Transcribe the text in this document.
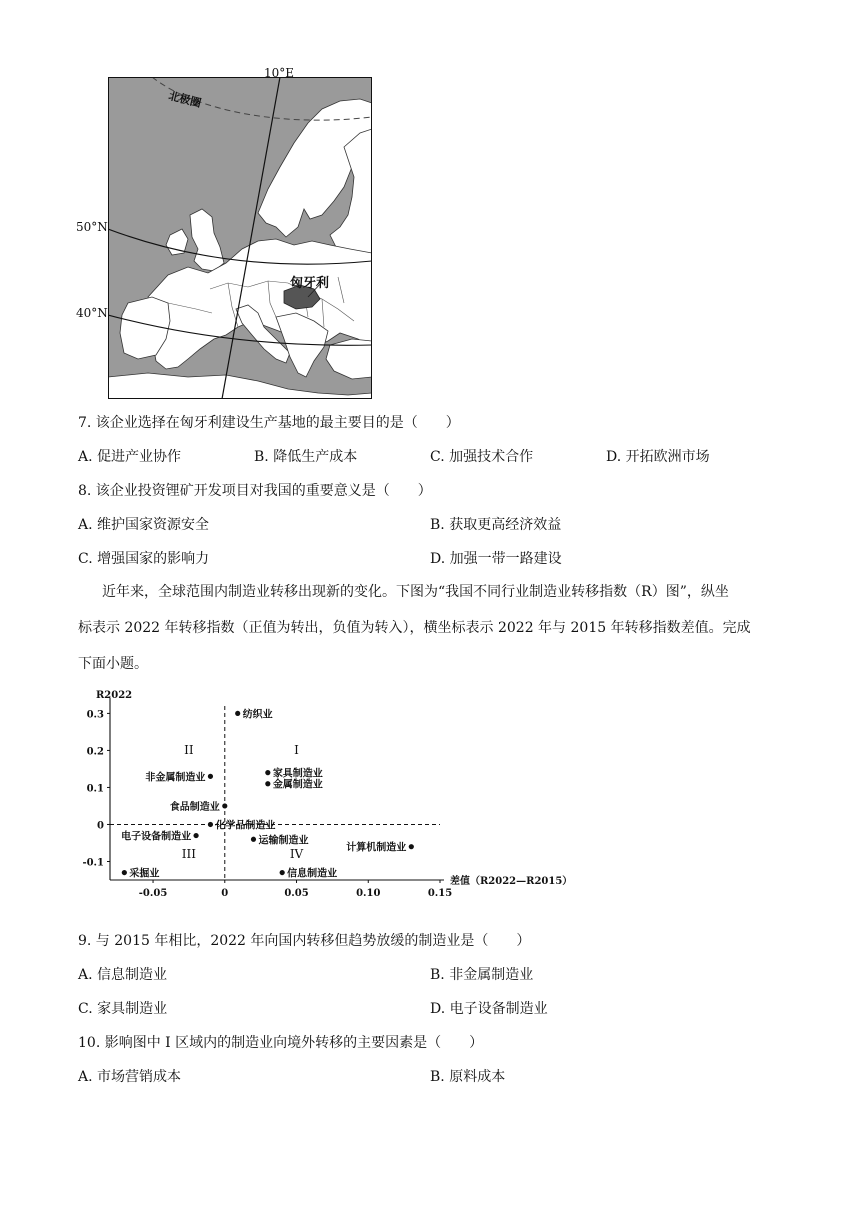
北极圈
匈牙利
10°E
50°N
40°N
7. 该企业选择在匈牙利建设生产基地的最主要目的是（　　）
A. 促进产业协作	B. 降低生产成本	C. 加强技术合作	D. 开拓欧洲市场
8. 该企业投资锂矿开发项目对我国的重要意义是（　　）
A. 维护国家资源安全	B. 获取更高经济效益
C. 增强国家的影响力	D. 加强一带一路建设
近年来，全球范围内制造业转移出现新的变化。下图为“我国不同行业制造业转移指数（R）图”，纵坐
标表示 2022 年转移指数（正值为转出，负值为转入），横坐标表示 2022 年与 2015 年转移指数差值。完成
下面小题。
R2022
差值（R2022—R2015）
0.3
0.2
0.1
0
-0.1
-0.05	0	0.05	0.10	0.15
I
II
III	IV
纺织业
非金属制造业	家具制造业
金属制造业
食品制造业
化学品制造业
运输制造业
电子设备制造业
计算机制造业
采掘业	信息制造业
9. 与 2015 年相比，2022 年向国内转移但趋势放缓的制造业是（　　）
A. 信息制造业	B. 非金属制造业
C. 家具制造业	D. 电子设备制造业
10. 影响图中 I 区域内的制造业向境外转移的主要因素是（　　）
A. 市场营销成本	B. 原料成本
